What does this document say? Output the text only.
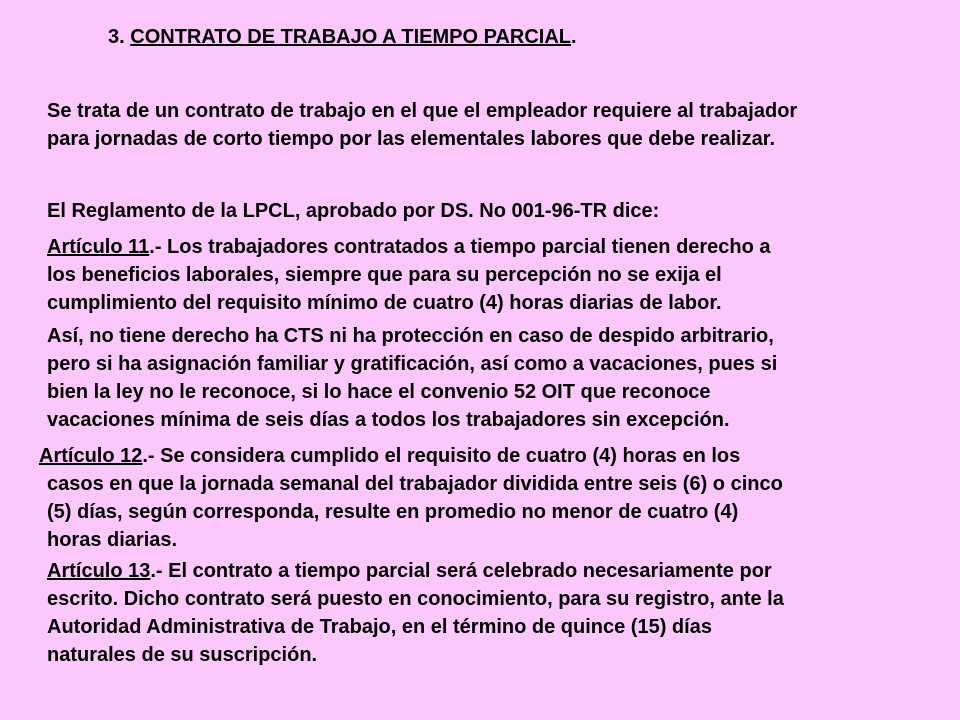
3. CONTRATO DE TRABAJO A TIEMPO PARCIAL.
Se trata de un contrato de trabajo en el que el empleador requiere al trabajador
para jornadas de corto tiempo por las elementales labores que debe realizar.
El Reglamento de la LPCL, aprobado por DS. No 001-96-TR dice:
Artículo 11.- Los trabajadores contratados a tiempo parcial tienen derecho a
los beneficios laborales, siempre que para su percepción no se exija el
cumplimiento del requisito mínimo de cuatro (4) horas diarias de labor.
Así, no tiene derecho ha CTS ni ha protección en caso de despido arbitrario,
pero si ha asignación familiar y gratificación, así como a vacaciones, pues si
bien la ley no le reconoce, si lo hace el convenio 52 OIT que reconoce
vacaciones mínima de seis días a todos los trabajadores sin excepción.
Artículo 12.- Se considera cumplido el requisito de cuatro (4) horas en los
casos en que la jornada semanal del trabajador dividida entre seis (6) o cinco
(5) días, según corresponda, resulte en promedio no menor de cuatro (4)
horas diarias.
Artículo 13.- El contrato a tiempo parcial será celebrado necesariamente por
escrito. Dicho contrato será puesto en conocimiento, para su registro, ante la
Autoridad Administrativa de Trabajo, en el término de quince (15) días
naturales de su suscripción.
